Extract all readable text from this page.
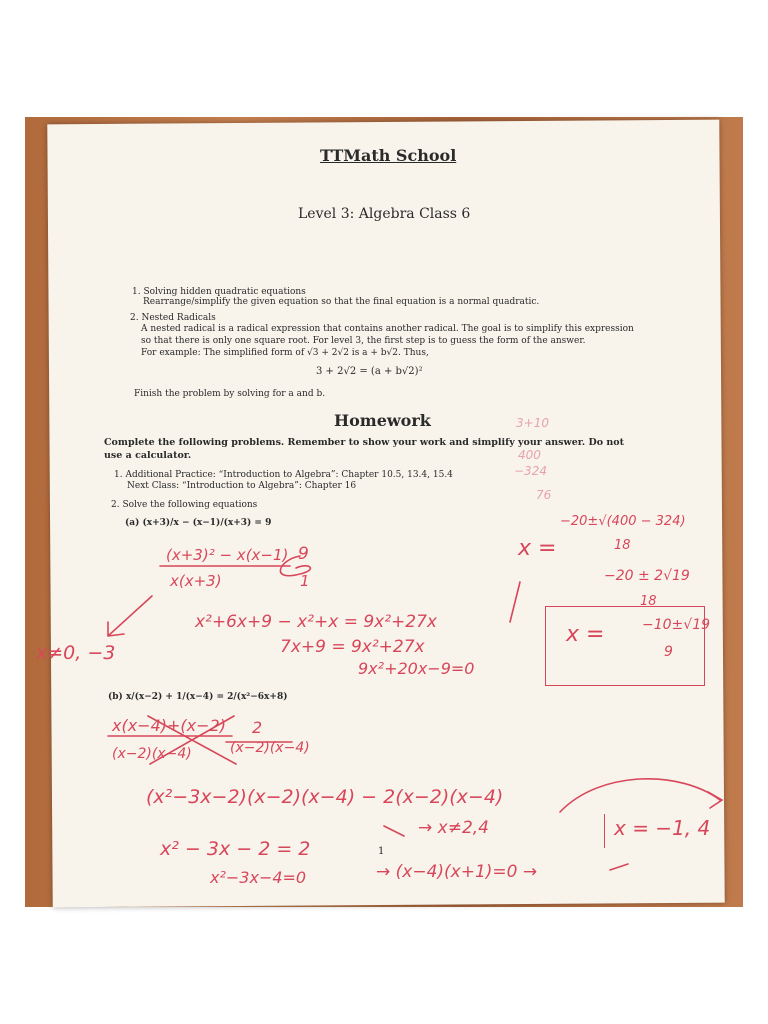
TTMath School
Level 3: Algebra Class 6
1. Solving hidden quadratic equations
Rearrange/simplify the given equation so that the final equation is a normal quadratic.
2. Nested Radicals
A nested radical is a radical expression that contains another radical. The goal is to simplify this expression
so that there is only one square root. For level 3, the first step is to guess the form of the answer.
For example: The simplified form of √3 + 2√2 is a + b√2. Thus,
3 + 2√2 = (a + b√2)²
Finish the problem by solving for a and b.
Homework
Complete the following problems. Remember to show your work and simplify your answer. Do not
use a calculator.
1. Additional Practice: “Introduction to Algebra”: Chapter 10.5, 13.4, 15.4
Next Class: “Introduction to Algebra”: Chapter 16
2. Solve the following equations
(a) (x+3)/x − (x−1)/(x+3) = 9
(b) x/(x−2) + 1/(x−4) = 2/(x²−6x+8)
1
(x+3)² − x(x−1)
x(x+3)
9
1
x²+6x+9 − x²+x = 9x²+27x
7x+9 = 9x²+27x
9x²+20x−9=0
x≠0, −3
x =
−20±√(400 − 324)
18
−20 ± 2√19
18
x =	−10±√19
9
3+10
400
−324
76
x(x−4)+(x−2)
(x−2)(x−4)
2
(x−2)(x−4)
(x²−3x−2)(x−2)(x−4) − 2(x−2)(x−4)
→ x≠2,4
x² − 3x − 2 = 2
x²−3x−4=0	→ (x−4)(x+1)=0 →
x = −1, 4
